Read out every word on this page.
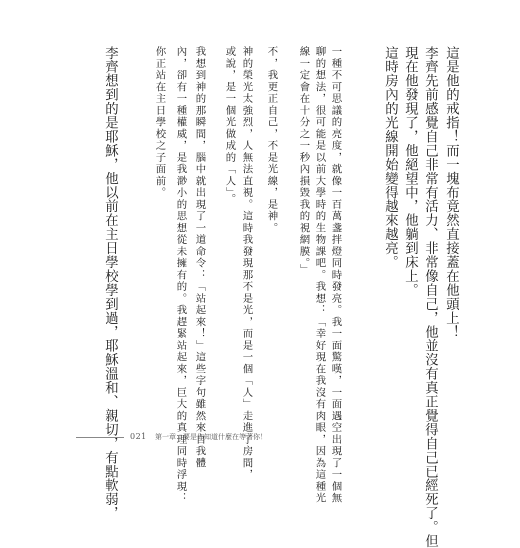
這是他的戒指！而一塊布竟然直接蓋在他頭上！
李齊先前感覺自己非常有活力、非常像自己，他並沒有真正覺得自己已經死了。但
現在他發現了，他絕望中，他躺到床上。
這時房內的光線開始變得越來越亮。
一種不可思議的亮度，就像一百萬盞拌燈同時發亮。我一面驚嘆，一面遇空出現了一個無
聊的想法，很可能是以前大學時的生物課吧。我想：「幸好現在我沒有肉眼，因為這種光
線一定會在十分之一秒內損毀我的視網膜。」
不，我更正自己，不是光線，是神。
神的榮光太強烈，人無法直視。這時我發現那不是光，而是一個「人」走進了房間，
或說，是一個光做成的「人」。
我想到神的那瞬間，腦中就出現了一道命令：「站起來！」這些字句雖然來自我體
內，卻有一種權威，是我渺小的思想從未擁有的。我趕緊站起來，巨大的真理同時浮現：
你正站在主日學校之子面前。
李齊想到的是耶穌，他以前在主日學校學到過，耶穌溫和、親切，有點軟弱， 021 第一章：要是你知道什麼在等著你！
